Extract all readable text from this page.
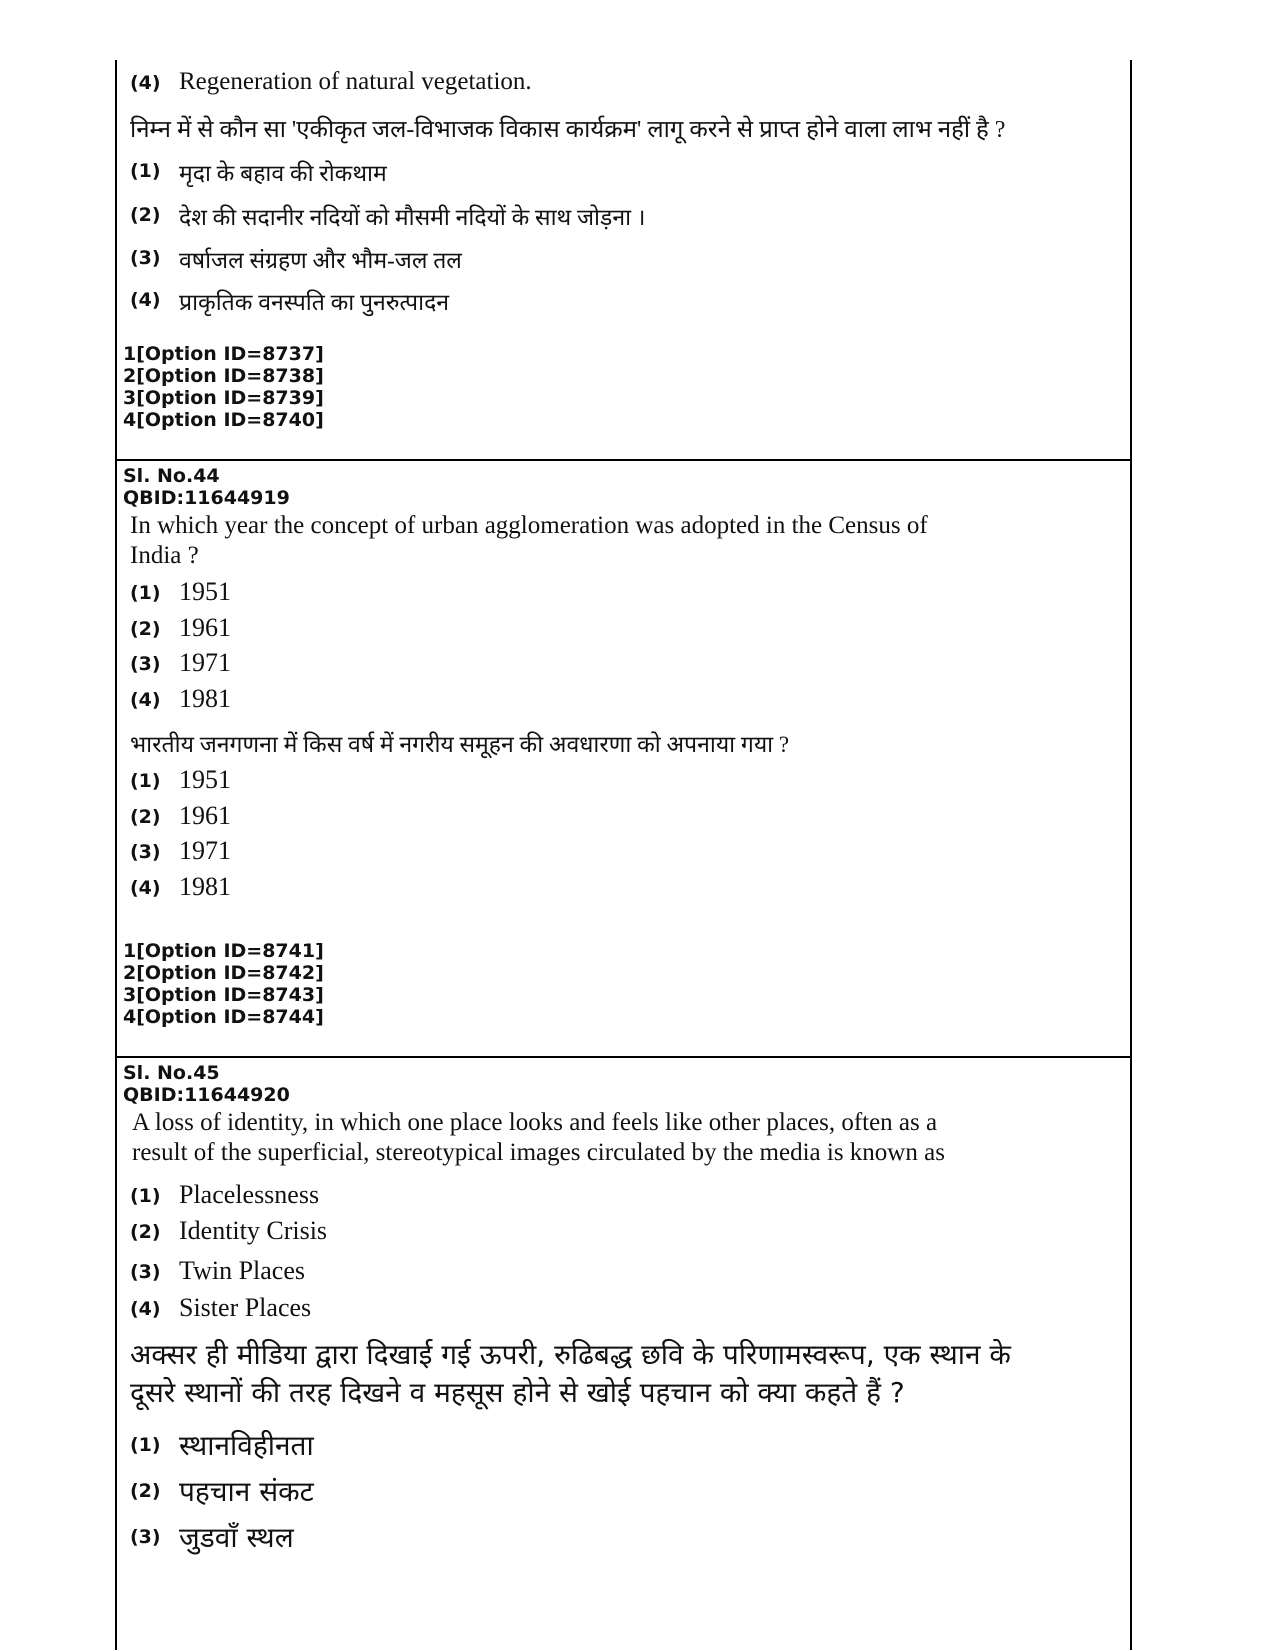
(4) Regeneration of natural vegetation.
निम्न में से कौन सा 'एकीकृत जल-विभाजक विकास कार्यक्रम' लागू करने से प्राप्त होने वाला लाभ नहीं है ?
(1) मृदा के बहाव की रोकथाम
(2) देश की सदानीर नदियों को मौसमी नदियों के साथ जोड़ना ।
(3) वर्षाजल संग्रहण और भौम-जल तल
(4) प्राकृतिक वनस्पति का पुनरुत्पादन
1[Option ID=8737]
2[Option ID=8738]
3[Option ID=8739]
4[Option ID=8740]
Sl. No.44
QBID:11644919
In which year the concept of urban agglomeration was adopted in the Census of
India ?
(1) 1951
(2) 1961
(3) 1971
(4) 1981
भारतीय जनगणना में किस वर्ष में नगरीय समूहन की अवधारणा को अपनाया गया ?
(1) 1951
(2) 1961
(3) 1971
(4) 1981
1[Option ID=8741]
2[Option ID=8742]
3[Option ID=8743]
4[Option ID=8744]
Sl. No.45
QBID:11644920
A loss of identity, in which one place looks and feels like other places, often as a
result of the superficial, stereotypical images circulated by the media is known as
(1) Placelessness
(2) Identity Crisis
(3) Twin Places
(4) Sister Places
अक्सर ही मीडिया द्वारा दिखाई गई ऊपरी, रुढिबद्ध छवि के परिणामस्वरूप, एक स्थान के
दूसरे स्थानों की तरह दिखने व महसूस होने से खोई पहचान को क्या कहते हैं ?
(1) स्थानविहीनता
(2) पहचान संकट
(3) जुडवाँ स्थल
